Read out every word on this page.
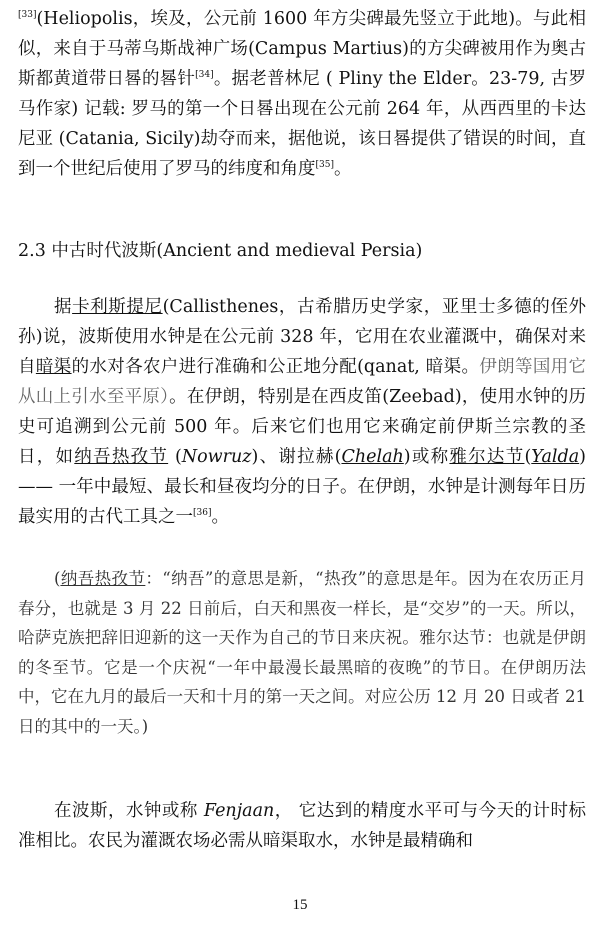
[33](Heliopolis，埃及，公元前 1600 年方尖碑最先竖立于此地)。与此相似，来自于马蒂乌斯战神广场(Campus Martius)的方尖碑被用作为奥古斯都黄道带日晷的晷针[34]。据老普林尼 ( Pliny the Elder。23-79, 古罗马作家) 记载: 罗马的第一个日晷出现在公元前 264 年，从西西里的卡达尼亚 (Catania, Sicily)劫夺而来，据他说，该日晷提供了错误的时间，直到一个世纪后使用了罗马的纬度和角度[35]。

2.3 中古时代波斯(Ancient and medieval Persia)

据卡利斯提尼(Callisthenes，古希腊历史学家，亚里士多德的侄外孙)说，波斯使用水钟是在公元前 328 年，它用在农业灌溉中，确保对来自暗渠的水对各农户进行准确和公正地分配(qanat, 暗渠。伊朗等国用它从山上引水至平原）。在伊朗，特别是在西皮笛(Zeebad)，使用水钟的历史可追溯到公元前 500 年。后来它们也用它来确定前伊斯兰宗教的圣日，如纳吾热孜节 (Nowruz)、谢拉赫(Chelah)或称雅尔达节(Yalda) —— 一年中最短、最长和昼夜均分的日子。在伊朗，水钟是计测每年日历最实用的古代工具之一[36]。

(纳吾热孜节：“纳吾”的意思是新，“热孜”的意思是年。因为在农历正月春分，也就是 3 月 22 日前后，白天和黑夜一样长，是“交岁”的一天。所以，哈萨克族把辞旧迎新的这一天作为自己的节日来庆祝。雅尔达节：也就是伊朗的冬至节。它是一个庆祝“一年中最漫长最黑暗的夜晚”的节日。在伊朗历法中，它在九月的最后一天和十月的第一天之间。对应公历 12 月 20 日或者 21 日的其中的一天。)

在波斯，水钟或称 Fenjaan， 它达到的精度水平可与今天的计时标准相比。农民为灌溉农场必需从暗渠取水，水钟是最精确和

15
